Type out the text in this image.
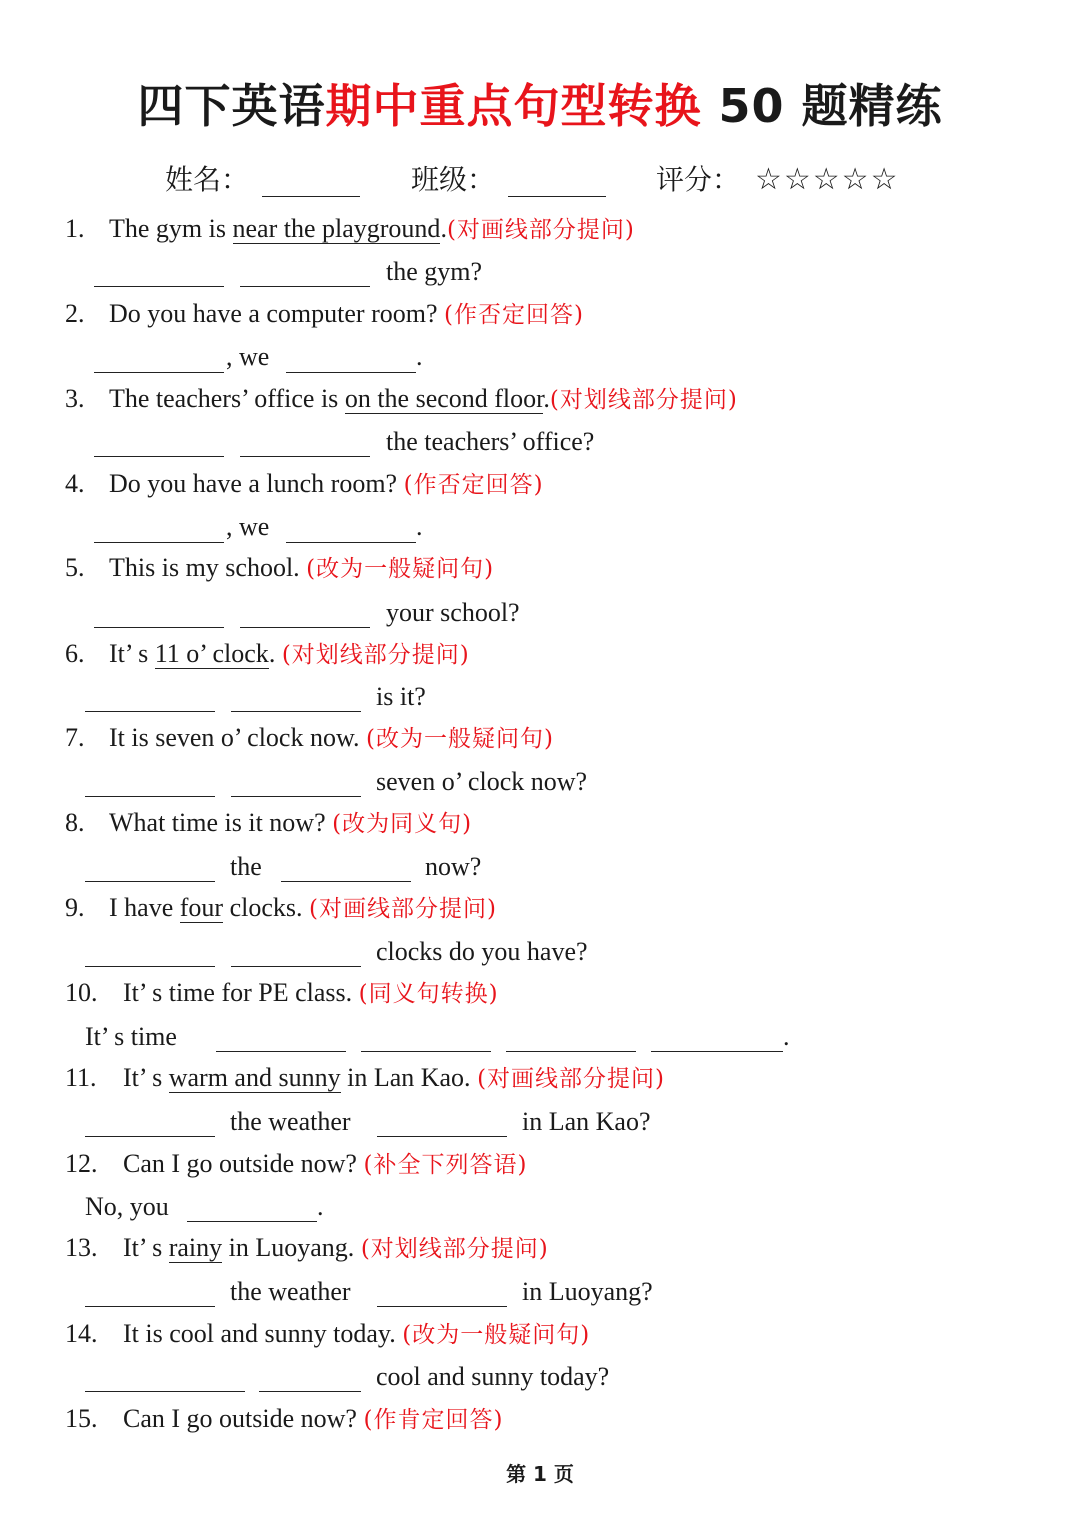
四下英语期中重点句型转换 50 题精练
姓名：	班级：	评分： ☆☆☆☆☆
1. The gym is near the playground.(对画线部分提问)
the gym?
2. Do you have a computer room? (作否定回答)
, we	.
3. The teachers’ office is on the second floor.(对划线部分提问)
the teachers’ office?
4. Do you have a lunch room? (作否定回答)
, we	.
5. This is my school. (改为一般疑问句)
your school?
6. It’ s 11 o’ clock. (对划线部分提问)
is it?
7. It is seven o’ clock now. (改为一般疑问句)
seven o’ clock now?
8. What time is it now? (改为同义句)
the	now?
9. I have four clocks. (对画线部分提问)
clocks do you have?
10. It’ s time for PE class. (同义句转换)
It’ s time	.
11. It’ s warm and sunny in Lan Kao. (对画线部分提问)
the weather	in Lan Kao?
12. Can I go outside now? (补全下列答语)
No, you	.
13. It’ s rainy in Luoyang. (对划线部分提问)
the weather	in Luoyang?
14. It is cool and sunny today. (改为一般疑问句)
cool and sunny today?
15. Can I go outside now? (作肯定回答)
第 1 页
